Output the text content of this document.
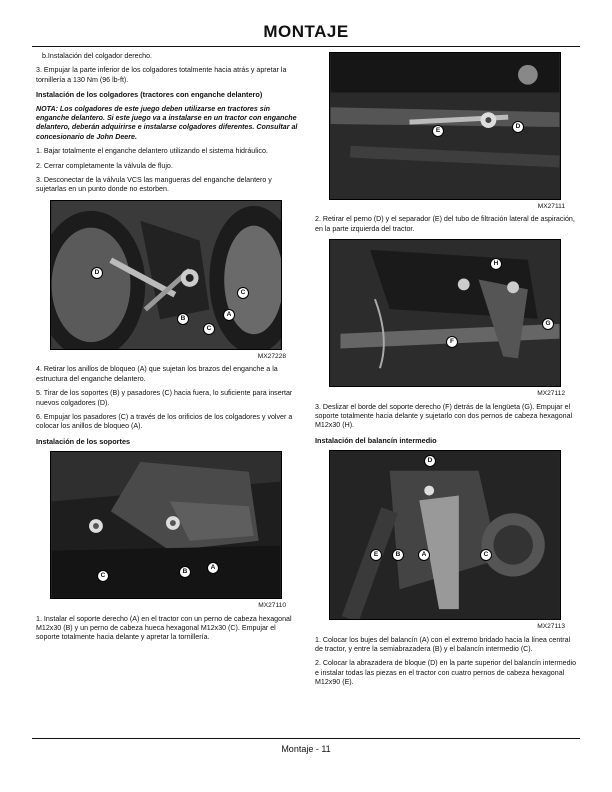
MONTAJE

b.Instalación del colgador derecho.

3. Empujar la parte inferior de los colgadores totalmente hacia atrás y apretar la tornillería a 130 Nm (96 lb-ft).

Instalación de los colgadores (tractores con enganche delantero)

NOTA: Los colgadores de este juego deben utilizarse en tractores sin enganche delantero. Si este juego va a instalarse en un tractor con enganche delantero, deberán adquirirse e instalarse colgadores diferentes. Consultar al concesionario de John Deere.

1. Bajar totalmente el enganche delantero utilizando el sistema hidráulico.

2. Cerrar completamente la válvula de flujo.

3. Desconectar de la válvula VCS las mangueras del enganche delantero y sujetarlas en un punto donde no estorben.

D
C
A
B
C
MX27228

4. Retirar los anillos de bloqueo (A) que sujetan los brazos del enganche a la estructura del enganche delantero.

5. Tirar de los soportes (B) y pasadores (C) hacia fuera, lo suficiente para insertar nuevos colgadores (D).

6. Empujar los pasadores (C) a través de los orificios de los colgadores y volver a colocar los anillos de bloqueo (A).

Instalación de los soportes
C
B
A
MX27110

1. Instalar el soporte derecho (A) en el tractor con un perno de cabeza hexagonal M12x30 (B) y un perno de cabeza hueca hexagonal M12x30 (C). Empujar el soporte totalmente hacia delante y apretar la tornillería.

E
D
MX27111

2. Retirar el perno (D) y el separador (E) del tubo de filtración lateral de aspiración, en la parte izquierda del tractor.

H
G
F
MX27112

3. Deslizar el borde del soporte derecho (F) detrás de la lengüeta (G). Empujar el soporte totalmente hacia delante y sujetarlo con dos pernos de cabeza hexagonal M12x30 (H).

Instalación del balancín intermedio
D
E	B	A	C
MX27113

1. Colocar los bujes del balancín (A) con el extremo bridado hacia la línea central de tractor, y entre la semiabrazadera (B) y el balancín intermedio (C).

2. Colocar la abrazadera de bloque (D) en la parte superior del balancín intermedio e instalar todas las piezas en el tractor con cuatro pernos de cabeza hexagonal M12x90 (E).

Montaje - 11
